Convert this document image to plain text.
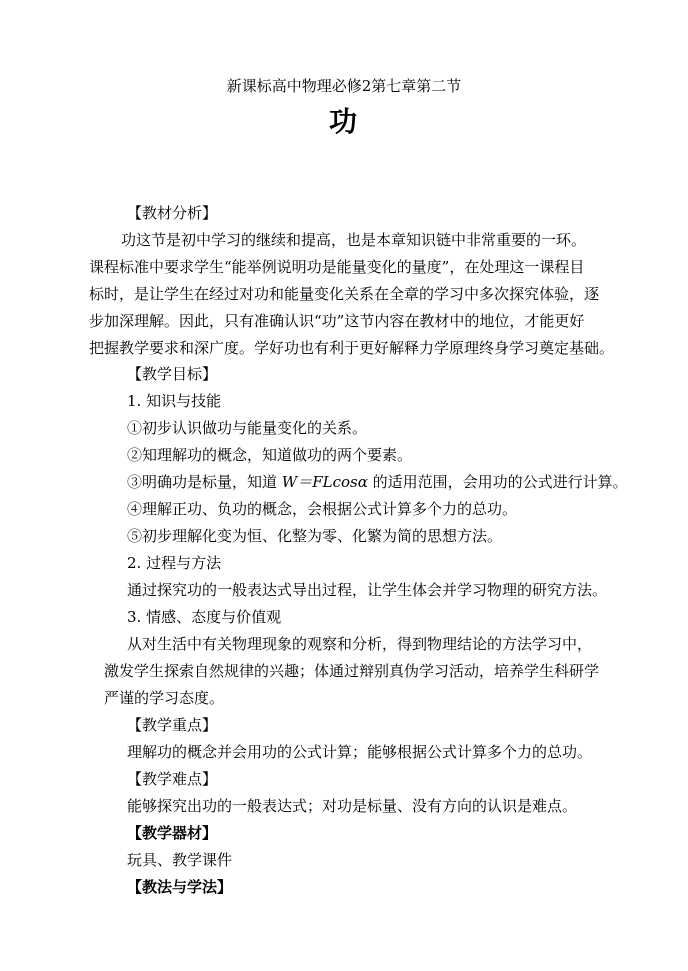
新课标高中物理必修2第七章第二节
功
【教材分析】
功这节是初中学习的继续和提高，也是本章知识链中非常重要的一环。
课程标准中要求学生“能举例说明功是能量变化的量度”，在处理这一课程目
标时，是让学生在经过对功和能量变化关系在全章的学习中多次探究体验，逐
步加深理解。因此，只有准确认识“功”这节内容在教材中的地位，才能更好
把握教学要求和深广度。学好功也有利于更好解释力学原理终身学习奠定基础。
【教学目标】
1. 知识与技能
①初步认识做功与能量变化的关系。
②知理解功的概念，知道做功的两个要素。
③明确功是标量，知道 W＝FLcosα 的适用范围，会用功的公式进行计算。
④理解正功、负功的概念，会根据公式计算多个力的总功。
⑤初步理解化变为恒、化整为零、化繁为简的思想方法。
2. 过程与方法
通过探究功的一般表达式导出过程，让学生体会并学习物理的研究方法。
3. 情感、态度与价值观
从对生活中有关物理现象的观察和分析，得到物理结论的方法学习中，
激发学生探索自然规律的兴趣；体通过辩别真伪学习活动，培养学生科研学
严谨的学习态度。
【教学重点】
理解功的概念并会用功的公式计算；能够根据公式计算多个力的总功。
【教学难点】
能够探究出功的一般表达式；对功是标量、没有方向的认识是难点。
【教学器材】
玩具、教学课件
【教法与学法】
